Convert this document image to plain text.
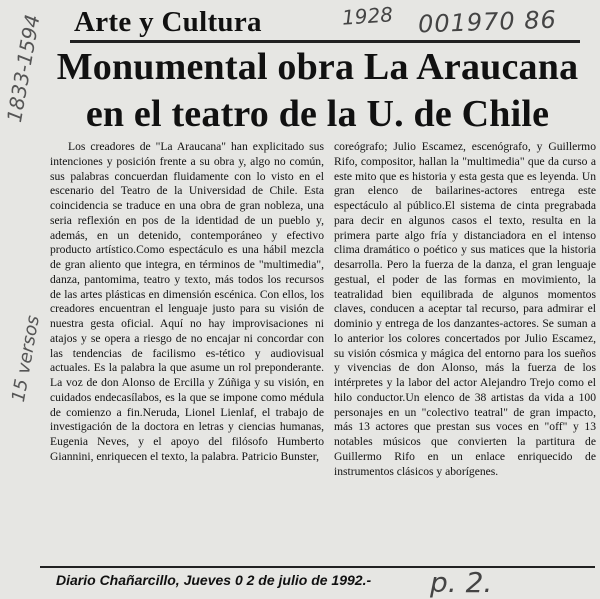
Arte y Cultura	1928 001970 86
1833-1594
15 versos
Monumental obra La Araucana
en el teatro de la U. de Chile

Los creadores de "La Araucana" han explicitado sus intenciones y posición frente a su obra y, algo no común, sus palabras concuerdan fluidamente con lo visto en el escenario del Teatro de la Universidad de Chile. Esta coincidencia se traduce en una obra de gran nobleza, una seria reflexión en pos de la identidad de un pueblo y, además, en un detenido, contemporáneo y efectivo producto artístico.Como espectáculo es una hábil mezcla de gran aliento que integra, en términos de "multimedia", danza, pantomima, teatro y texto, más todos los recursos de las artes plásticas en dimensión escénica. Con ellos, los creadores encuentran el lenguaje justo para su visión de nuestra gesta oficial. Aquí no hay improvisaciones ni atajos y se opera a riesgo de no encajar ni concordar con las tendencias de facilismo es-tético y audiovisual actuales. Es la palabra la que asume un rol preponderante. La voz de don Alonso de Ercilla y Zúñiga y su visión, en cuidados endecasílabos, es la que se impone como médula de comienzo a fin.Neruda, Lionel Lienlaf, el trabajo de investigación de la doctora en letras y ciencias humanas, Eugenia Neves, y el apoyo del filósofo Humberto Giannini, enriquecen el texto, la palabra. Patricio Bunster,

coreógrafo; Julio Escamez, escenógrafo, y Guillermo Rifo, compositor, hallan la "multimedia" que da curso a este mito que es historia y esta gesta que es leyenda. Un gran elenco de bailarines-actores entrega este espectáculo al público.El sistema de cinta pregrabada para decir en algunos casos el texto, resulta en la primera parte algo fría y distanciadora en el intenso clima dramático o poético y sus matices que la historia desarrolla. Pero la fuerza de la danza, el gran lenguaje gestual, el poder de las formas en movimiento, la teatralidad bien equilibrada de algunos momentos claves, conducen a aceptar tal recurso, para admirar el dominio y entrega de los danzantes-actores. Se suman a lo anterior los colores concertados por Julio Escamez, su visión cósmica y mágica del entorno para los sueños y vivencias de don Alonso, más la fuerza de los intérpretes y la labor del actor Alejandro Trejo como el hilo conductor.Un elenco de 38 artistas da vida a 100 personajes en un "colectivo teatral" de gran impacto, más 13 actores que prestan sus voces en "off" y 13 notables músicos que convierten la partitura de Guillermo Rifo en un enlace enriquecido de instrumentos clásicos y aborígenes.

Diario Chañarcillo, Jueves 0 2 de julio de 1992.- p. 2.
